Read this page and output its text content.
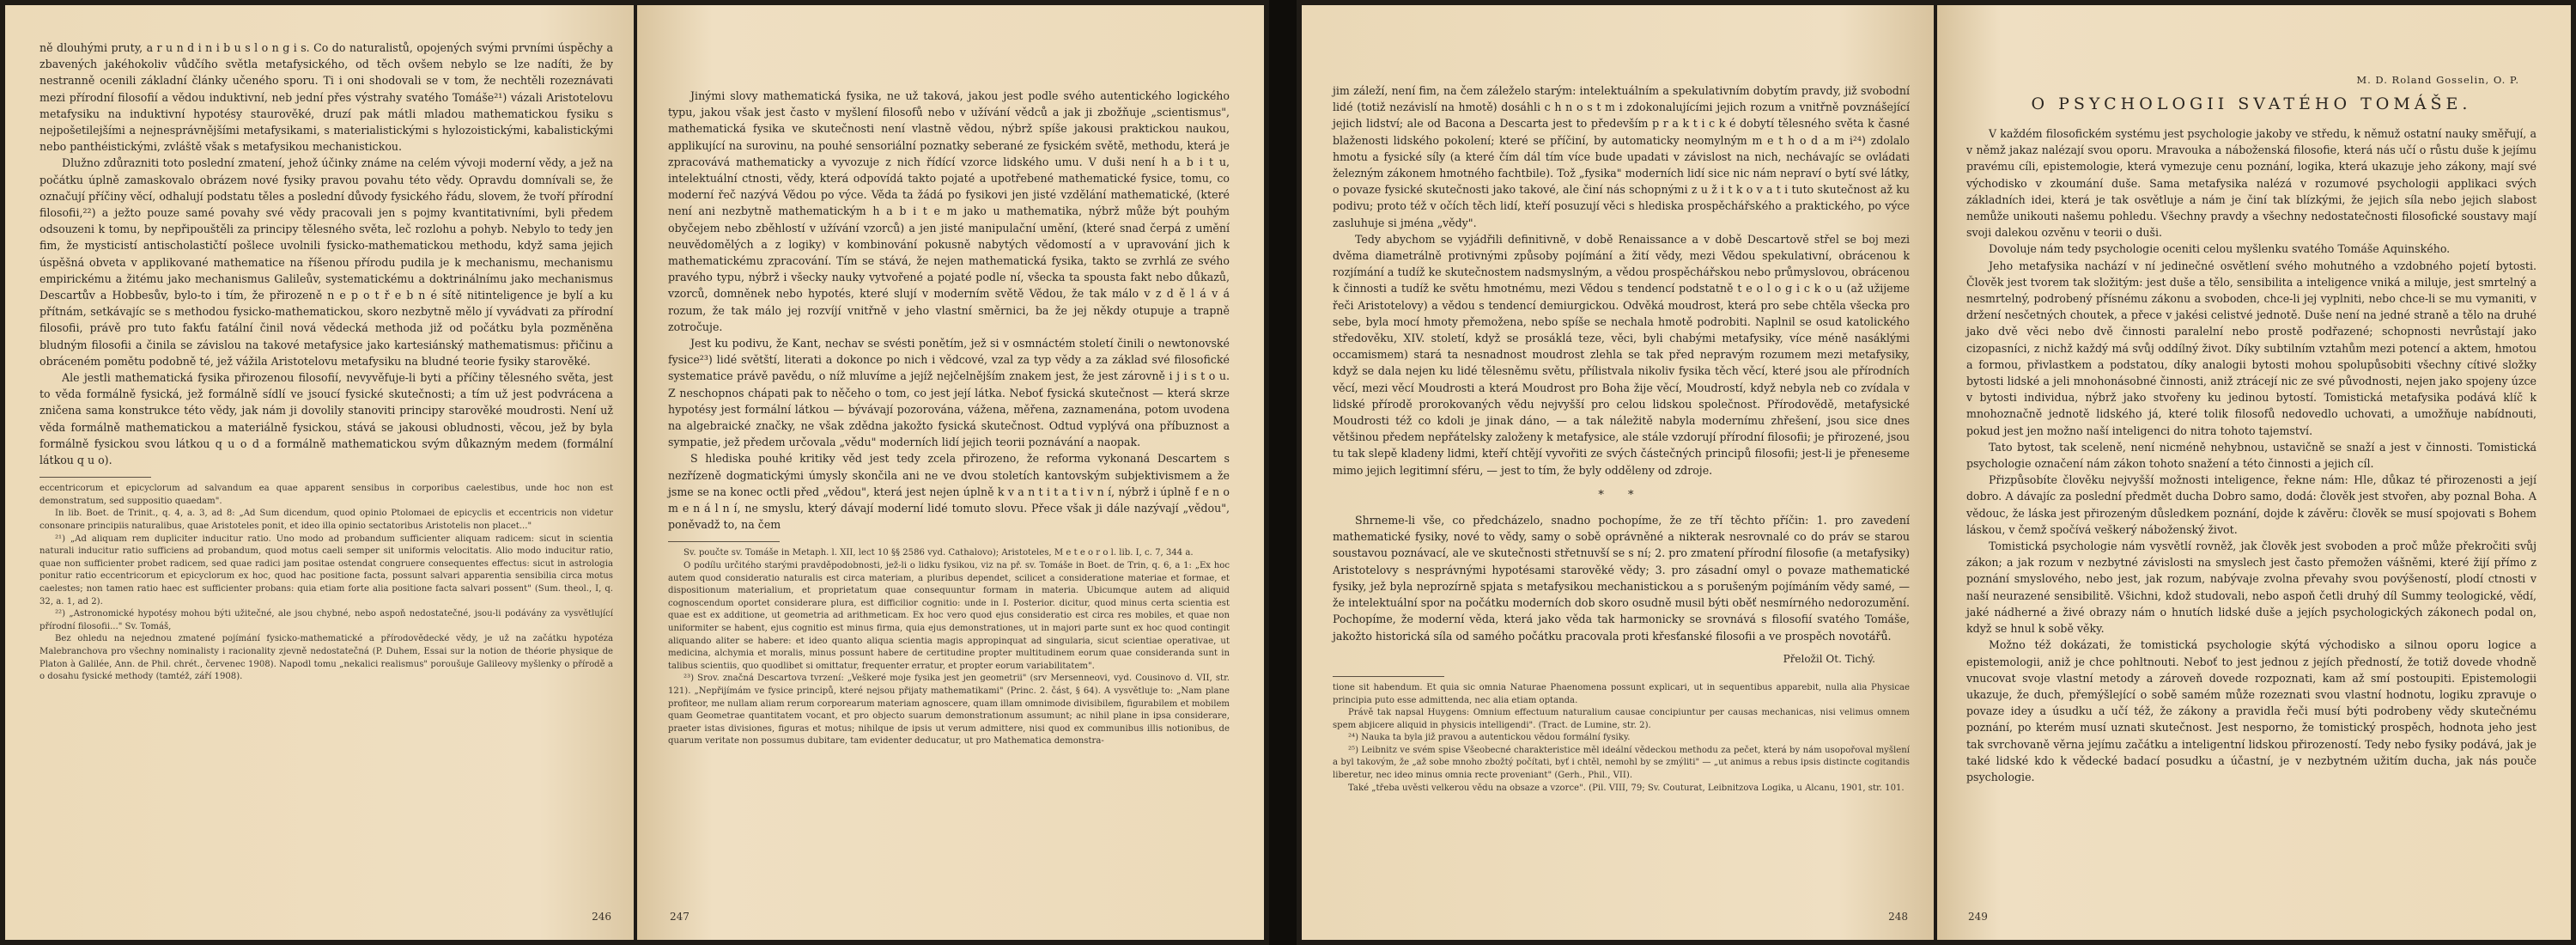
ně dlouhými pruty, a r u n d i n i b u s l o n g i s. Co do naturalistů, opojených svými prvními úspěchy a zbavených jakéhokoliv vůdčího světla metafysického, od těch ovšem nebylo se lze nadíti, že by nestranně ocenili základní články učeného sporu. Ti i oni shodovali se v tom, že nechtěli rozeznávati mezi přírodní filosofií a vědou induktivní, neb jední přes výstrahy svatého Tomáše²¹) vázali Aristotelovu metafysiku na induktivní hypotésy staurověké, druzí pak mátli mladou mathematickou fysiku s nejpošetilejšími a nejnesprávnějšími metafysikami, s materialistickými s hylozoistickými, kabalistickými nebo panthéistickými, zvláště však s metafysikou mechanistickou.

Dlužno zdůrazniti toto poslední zmatení, jehož účinky známe na celém vývoji moderní vědy, a jež na počátku úplně zamaskovalo obrázem nové fysiky pravou povahu této vědy. Opravdu domnívali se, že označují příčiny věcí, odhalují podstatu těles a poslední důvody fysického řádu, slovem, že tvoří přírodní filosofii,²²) a ježto pouze samé povahy své vědy pracovali jen s pojmy kvantitativními, byli předem odsouzeni k tomu, by nepřipouštěli za principy tělesného světa, leč rozlohu a pohyb. Nebylo to tedy jen fim, že mysticistí antischolastičtí pošlece uvolnili fysicko-mathematickou methodu, když sama jejich úspěšná obveta v applikované mathematice na říšenou přírodu pudila je k mechanismu, mechanismu empirickému a žitému jako mechanismus Galileův, systematickému a doktrinálnímu jako mechanismus Descartův a Hobbesův, bylo-to i tím, že přirozeně n e p o t ř e b n é sítě nitinteligence je bylí a ku přítnám, setkávajíc se s methodou fysicko-mathematickou, skoro nezbytně mělo jí vyvádvati za přírodní filosofii, právě pro tuto fakťu fatální činil nová vědecká methoda již od počátku byla pozměněna bludným filosofii a činila se závislou na takové metafysice jako kartesiánský mathematismus: přičinu a obráceném pomětu podobně té, jež vážila Aristotelovu metafysiku na bludné teorie fysiky starověké.

Ale jestli mathematická fysika přirozenou filosofií, nevyvěfuje-li byti a příčiny tělesného světa, jest to věda formálně fysická, jež formálně sídlí ve jsoucí fysické skutečnosti; a tím už jest podvrácena a zničena sama konstrukce této vědy, jak nám ji dovolily stanoviti principy starověké moudrosti. Není už věda formálně mathematickou a materiálně fysickou, stává se jakousi obludnosti, věcou, jež by byla formálně fysickou svou látkou q u o d a formálně mathematickou svým důkazným medem (formální látkou q u o).

eccentricorum et epicyclorum ad salvandum ea quae apparent sensibus in corporibus caelestibus, unde hoc non est demonstratum, sed suppositio quaedam".

In lib. Boet. de Trinit., q. 4, a. 3, ad 8: „Ad Sum dicendum, quod opinio Ptolomaei de epicyclis et eccentricis non videtur consonare principiis naturalibus, quae Aristoteles ponit, et ideo illa opinio sectatoribus Aristotelis non placet..."

²¹) „Ad aliquam rem dupliciter inducitur ratio. Uno modo ad probandum sufficienter aliquam radicem: sicut in scientia naturali inducitur ratio sufficiens ad probandum, quod motus caeli semper sit uniformis velocitatis. Alio modo inducitur ratio, quae non sufficienter probet radicem, sed quae radici jam positae ostendat congruere consequentes effectus: sicut in astrologia ponitur ratio eccentricorum et epicyclorum ex hoc, quod hac positione facta, possunt salvari apparentia sensibilia circa motus caelestes; non tamen ratio haec est sufficienter probans: quia etiam forte alia positione facta salvari possent" (Sum. theol., I, q. 32, a. 1, ad 2).

²²) „Astronomické hypotésy mohou býti užitečné, ale jsou chybné, nebo aspoň nedostatečné, jsou-li podávány za vysvětlující přírodní filosofii..." Sv. Tomáš,

Bez ohledu na nejednou zmatené pojímání fysicko-mathematické a přírodovědecké vědy, je už na začátku hypotéza Malebranchova pro všechny nominalisty i racionality zjevně nedostatečná (P. Duhem, Essai sur la notion de théorie physique de Platon à Galilée, Ann. de Phil. chrét., červenec 1908). Napodl tomu „nekalici realismus" poroušuje Galileovy myšlenky o přírodě a o dosahu fysické methody (tamtéž, září 1908).

246

Jinými slovy mathematická fysika, ne už taková, jakou jest podle svého autentického logického typu, jakou však jest často v myšlení filosofů nebo v užívání vědců a jak ji zbožňuje „scientismus", mathematická fysika ve skutečnosti není vlastně vědou, nýbrž spíše jakousi praktickou naukou, applikující na surovinu, na pouhé sensoriální poznatky seberané ze fysickém světě, methodu, která je zpracovává mathematicky a vyvozuje z nich řídící vzorce lidského umu. V duši není h a b i t u, intelektuální ctnosti, vědy, která odpovídá takto pojaté a upotřebené mathematické fysice, tomu, co moderní řeč nazývá Vědou po výce. Věda ta žádá po fysikovi jen jisté vzdělání mathematické, (které není ani nezbytně mathematickým h a b i t e m jako u mathematika, nýbrž může být pouhým obyčejem nebo zběhlostí v užívání vzorců) a jen jisté manipulační umění, (které snad čerpá z umění neuvědomělých a z logiky) v kombinování pokusně nabytých vědomostí a v upravování jich k mathematickému zpracování. Tím se stává, že nejen mathematická fysika, takto se zvrhlá ze svého pravého typu, nýbrž i všecky nauky vytvořené a pojaté podle ní, všecka ta spousta fakt nebo důkazů, vzorců, domněnek nebo hypotés, které slují v moderním světě Vědou, že tak málo v z d ě l á v á rozum, že tak málo jej rozvíjí vnitřně v jeho vlastní směrnici, ba že jej někdy otupuje a trapně zotročuje.

Jest ku podivu, že Kant, nechav se svésti ponětím, jež si v osmnáctém století činili o newtonovské fysice²³) lidé světští, literati a dokonce po nich i vědcové, vzal za typ vědy a za základ své filosofické systematice právě pavědu, o níž mluvíme a jejíž nejčelnějším znakem jest, že jest zárovně i j i s t o u. Z neschopnos chápati pak to něčeho o tom, co jest její látka. Neboť fysická skutečnost — která skrze hypotésy jest formální látkou — bývávají pozorována, vážena, měřena, zaznamenána, potom uvodena na algebraické značky, ne však zdědna jakožto fysická skutečnost. Odtud vyplývá ona příbuznost a sympatie, jež předem určovala „vědu" moderních lidí jejich teorii poznávání a naopak.

S hlediska pouhé kritiky věd jest tedy zcela přirozeno, že reforma vykonaná Descartem s nezřízeně dogmatickými úmysly skončila ani ne ve dvou stoletích kantovským subjektivismem a že jsme se na konec octli před „vědou", která jest nejen úplně k v a n t i t a t i v n í, nýbrž i úplně f e n o m e n á l n í, ne smyslu, který dávají moderní lidé tomuto slovu. Přece však ji dále nazývají „vědou", poněvadž to, na čem

Sv. poučte sv. Tomáše in Metaph. l. XII, lect 10 §§ 2586 vyd. Cathalovo); Aristoteles, M e t e o r o l. lib. I, c. 7, 344 a.

O podílu určitého starými pravděpodobnosti, jež-li o lidku fysikou, viz na př. sv. Tomáše in Boet. de Trin, q. 6, a 1: „Ex hoc autem quod consideratio naturalis est circa materiam, a pluribus dependet, scilicet a consideratione materiae et formae, et dispositionum materialium, et proprietatum quae consequuntur formam in materia. Ubicumque autem ad aliquid cognoscendum oportet considerare plura, est difficilior cognitio: unde in I. Posterior. dicitur, quod minus certa scientia est quae est ex additione, ut geometria ad arithmeticam. Ex hoc vero quod ejus consideratio est circa res mobiles, et quae non uniformiter se habent, ejus cognitio est minus firma, quia ejus demonstrationes, ut in majori parte sunt ex hoc quod contingit aliquando aliter se habere: et ideo quanto aliqua scientia magis appropinquat ad singularia, sicut scientiae operativae, ut medicina, alchymia et moralis, minus possunt habere de certitudine propter multitudinem eorum quae consideranda sunt in talibus scientiis, quo quodlibet si omittatur, frequenter erratur, et propter eorum variabilitatem".

²³) Srov. značná Descartova tvrzení: „Veškeré moje fysika jest jen geometrii" (srv Mersenneovi, vyd. Cousinovo d. VII, str. 121). „Nepřijímám ve fysice principů, které nejsou přijaty mathematikami" (Princ. 2. část, § 64). A vysvětluje to: „Nam plane profiteor, me nullam aliam rerum corporearum materiam agnoscere, quam illam omnimode divisibilem, figurabilem et mobilem quam Geometrae quantitatem vocant, et pro objecto suarum demonstrationum assumunt; ac nihil plane in ipsa considerare, praeter istas divisiones, figuras et motus; nihilque de ipsis ut verum admittere, nisi quod ex communibus illis notionibus, de quarum veritate non possumus dubitare, tam evidenter deducatur, ut pro Mathematica demonstra-

247

jim záleží, není fim, na čem záleželo starým: intelektuálním a spekulativním dobytím pravdy, již svobodní lidé (totiž nezávislí na hmotě) dosáhli c h n o s t m i zdokonalujícími jejich rozum a vnitřně povznášející jejich lidství; ale od Bacona a Descarta jest to především p r a k t i c k é dobytí tělesného světa k časné blaženosti lidského pokolení; které se příčiní, by automaticky neomylným m e t h o d a m i²⁴) zdolalo hmotu a fysické síly (a které čím dál tím více bude upadati v závislost na nich, nechávajíc se ovládati železným zákonem hmotného fachtbile). Tož „fysika" moderních lidí sice nic nám nepraví o bytí své látky, o povaze fysické skutečnosti jako takové, ale činí nás schopnými z u ž i t k o v a t i tuto skutečnost až ku podivu; proto též v očích těch lidí, kteří posuzují věci s hlediska prospěchářského a praktického, po výce zasluhuje si jména „vědy".

Tedy abychom se vyjádřili definitivně, v době Renaissance a v době Descartově střel se boj mezi dvěma diametrálně protivnými způsoby pojímání a žití vědy, mezi Vědou spekulativní, obrácenou k rozjímání a tudíž ke skutečnostem nadsmyslným, a vědou prospěchářskou nebo průmyslovou, obrácenou k činnosti a tudíž ke světu hmotnému, mezi Vědou s tendencí podstatně t e o l o g i c k o u (až užijeme řeči Aristotelovy) a vědou s tendencí demiurgickou. Odvěká moudrost, která pro sebe chtěla všecka pro sebe, byla mocí hmoty přemožena, nebo spíše se nechala hmotě podrobiti. Naplnil se osud katolického středověku, XIV. století, když se prosáklá teze, věci, byli chabými metafysiky, více méně nasáklými occamismem) stará ta nesnadnost moudrost zlehla se tak před nepravým rozumem mezi metafysiky, když se dala nejen ku lidé tělesněmu světu, přílistvala nikoliv fysika těch věcí, které jsou ale přírodních věcí, mezi věcí Moudrosti a která Moudrost pro Boha žije věcí, Moudrostí, když nebyla neb co zvídala v lidské přírodě prorokovaných vědu nejvyšší pro celou lidskou společnost. Přírodovědě, metafysické Moudrosti též co kdoli je jinak dáno, — a tak náležitě nabyla modernímu zhřešení, jsou sice dnes většinou předem nepřátelsky založeny k metafysice, ale stále vzdorují přírodní filosofii; je přirozené, jsou tu tak slepě kladeny lidmi, kteří chtějí vyvořiti ze svých částečných principů filosofii; jest-li je přeneseme mimo jejich legitimní sféru, — jest to tím, že byly odděleny od zdroje.

* *

Shrneme-li vše, co předcházelo, snadno pochopíme, že ze tří těchto příčin: 1. pro zavedení mathematické fysiky, nové to vědy, samy o sobě oprávněné a nikterak nesrovnalé co do práv se starou soustavou poznávací, ale ve skutečnosti střetnuvší se s ní; 2. pro zmatení přírodní filosofie (a metafysiky) Aristotelovy s nesprávnými hypotésami starověké vědy; 3. pro zásadní omyl o povaze mathematické fysiky, jež byla neprozírně spjata s metafysikou mechanistickou a s porušeným pojímáním vědy samé, — že intelektuální spor na počátku moderních dob skoro osudně musil býti oběť nesmírného nedorozumění. Pochopíme, že moderní věda, která jako věda tak harmonicky se srovnává s filosofií svatého Tomáše, jakožto historická síla od samého počátku pracovala proti křesťanské filosofii a ve prospěch novotářů.

Přeložil Ot. Tichý.

tione sit habendum. Et quia sic omnia Naturae Phaenomena possunt explicari, ut in sequentibus apparebit, nulla alia Physicae principia puto esse admittenda, nec alia etiam optanda.

Právě tak napsal Huygens: Omnium effectuum naturalium causae concipiuntur per causas mechanicas, nisi velimus omnem spem abjicere aliquid in physicis intelligendi". (Tract. de Lumine, str. 2).

²⁴) Nauka ta byla již pravou a autentickou vědou formální fysiky.

²⁵) Leibnitz ve svém spise Všeobecné charakteristice měl ideální vědeckou methodu za pečet, která by nám usopořoval myšlení a byl takovým, že „až sobe mnoho zbožtý počítati, byť i chtěl, nemohl by se zmýliti" — „ut animus a rebus ipsis distincte cogitandis liberetur, nec ideo minus omnia recte proveniant" (Gerh., Phil., VII).

Také „třeba uvěsti velkerou vědu na obsaze a vzorce". (Pil. VIII, 79; Sv. Couturat, Leibnitzova Logika, u Alcanu, 1901, str. 101.

248
M. D. Roland Gosselin, O. P.
O PSYCHOLOGII SVATÉHO TOMÁŠE.

V každém filosofickém systému jest psychologie jakoby ve středu, k němuž ostatní nauky směřují, a v němž jakaz nalézají svou oporu. Mravouka a náboženská filosofie, která nás učí o růstu duše k jejímu pravému cíli, epistemologie, která vymezuje cenu poznání, logika, která ukazuje jeho zákony, mají své východisko v zkoumání duše. Sama metafysika nalézá v rozumové psychologii applikaci svých základních idei, která je tak osvětluje a nám je činí tak blízkými, že jejich síla nebo jejich slabost nemůže unikouti našemu pohledu. Všechny pravdy a všechny nedostatečnosti filosofické soustavy mají svoji dalekou ozvěnu v teorii o duši.

Dovoluje nám tedy psychologie oceniti celou myšlenku svatého Tomáše Aquinského.

Jeho metafysika nachází v ní jedinečné osvětlení svého mohutného a vzdobného pojetí bytosti. Člověk jest tvorem tak složitým: jest duše a tělo, sensibilita a inteligence vniká a miluje, jest smrtelný a nesmrtelný, podrobený přísnému zákonu a svoboden, chce-li jej vyplniti, nebo chce-li se mu vymaniti, v držení nesčetných choutek, a přece v jakési celistvé jednotě. Duše není na jedné straně a tělo na druhé jako dvě věci nebo dvě činnosti paralelní nebo prostě podřazené; schopnosti nevrůstají jako cizopasníci, z nichž každý má svůj oddílný život. Díky subtilním vztahům mezi potencí a aktem, hmotou a formou, přivlastkem a podstatou, díky analogii bytosti mohou spolupůsobiti všechny cítivé složky bytosti lidské a jeli mnohonásobné činnosti, aniž ztrácejí nic ze své původnosti, nejen jako spojeny úzce v bytosti individua, nýbrž jako stvořeny ku jedinou bytostí. Tomistická metafysika podává klíč k mnohoznačně jednotě lidského já, které tolik filosofů nedovedlo uchovati, a umožňuje nabídnouti, pokud jest jen možno naší inteligenci do nitra tohoto tajemství.

Tato bytost, tak sceleně, není nicméně nehybnou, ustavičně se snaží a jest v činnosti. Tomistická psychologie označení nám zákon tohoto snažení a této činnosti a jejich cíl.

Přizpůsobíte člověku nejvyšší možnosti inteligence, řekne nám: Hle, důkaz té přirozenosti a její dobro. A dávajíc za poslední předmět ducha Dobro samo, dodá: člověk jest stvořen, aby poznal Boha. A vědouc, že láska jest přirozeným důsledkem poznání, dojde k závěru: člověk se musí spojovati s Bohem láskou, v čemž spočívá veškerý náboženský život.

Tomistická psychologie nám vysvětlí rovněž, jak člověk jest svoboden a proč může překročiti svůj zákon; a jak rozum v nezbytné závislosti na smyslech jest často přemožen vášněmi, které žijí přímo z poznání smyslového, nebo jest, jak rozum, nabývaje zvolna převahy svou povýšeností, plodí ctnosti v naší neurazené sensibilitě. Všichni, kdož studovali, nebo aspoň četli druhý díl Summy teologické, vědí, jaké nádherné a živé obrazy nám o hnutích lidské duše a jejích psychologických zákonech podal on, když se hnul k sobě věky.

Možno též dokázati, že tomistická psychologie skýtá východisko a silnou oporu logice a epistemologii, aniž je chce pohltnouti. Neboť to jest jednou z jejích předností, že totiž dovede vhodně vnucovat svoje vlastní metody a zároveň dovede rozpoznati, kam až smí postoupiti. Epistemologii ukazuje, že duch, přemýšlející o sobě samém může rozeznati svou vlastní hodnotu, logiku zpravuje o povaze idey a úsudku a učí též, že zákony a pravidla řeči musí býti podrobeny vědy skutečnému poznání, po kterém musí uznati skutečnost. Jest nesporno, že tomistický prospěch, hodnota jeho jest tak svrchovaně věrna jejímu začátku a inteligentní lidskou přirozeností. Tedy nebo fysiky podává, jak je také lidské kdo k vědecké badací posudku a účastní, je v nezbytném užitím ducha, jak nás pouče psychologie.

249
